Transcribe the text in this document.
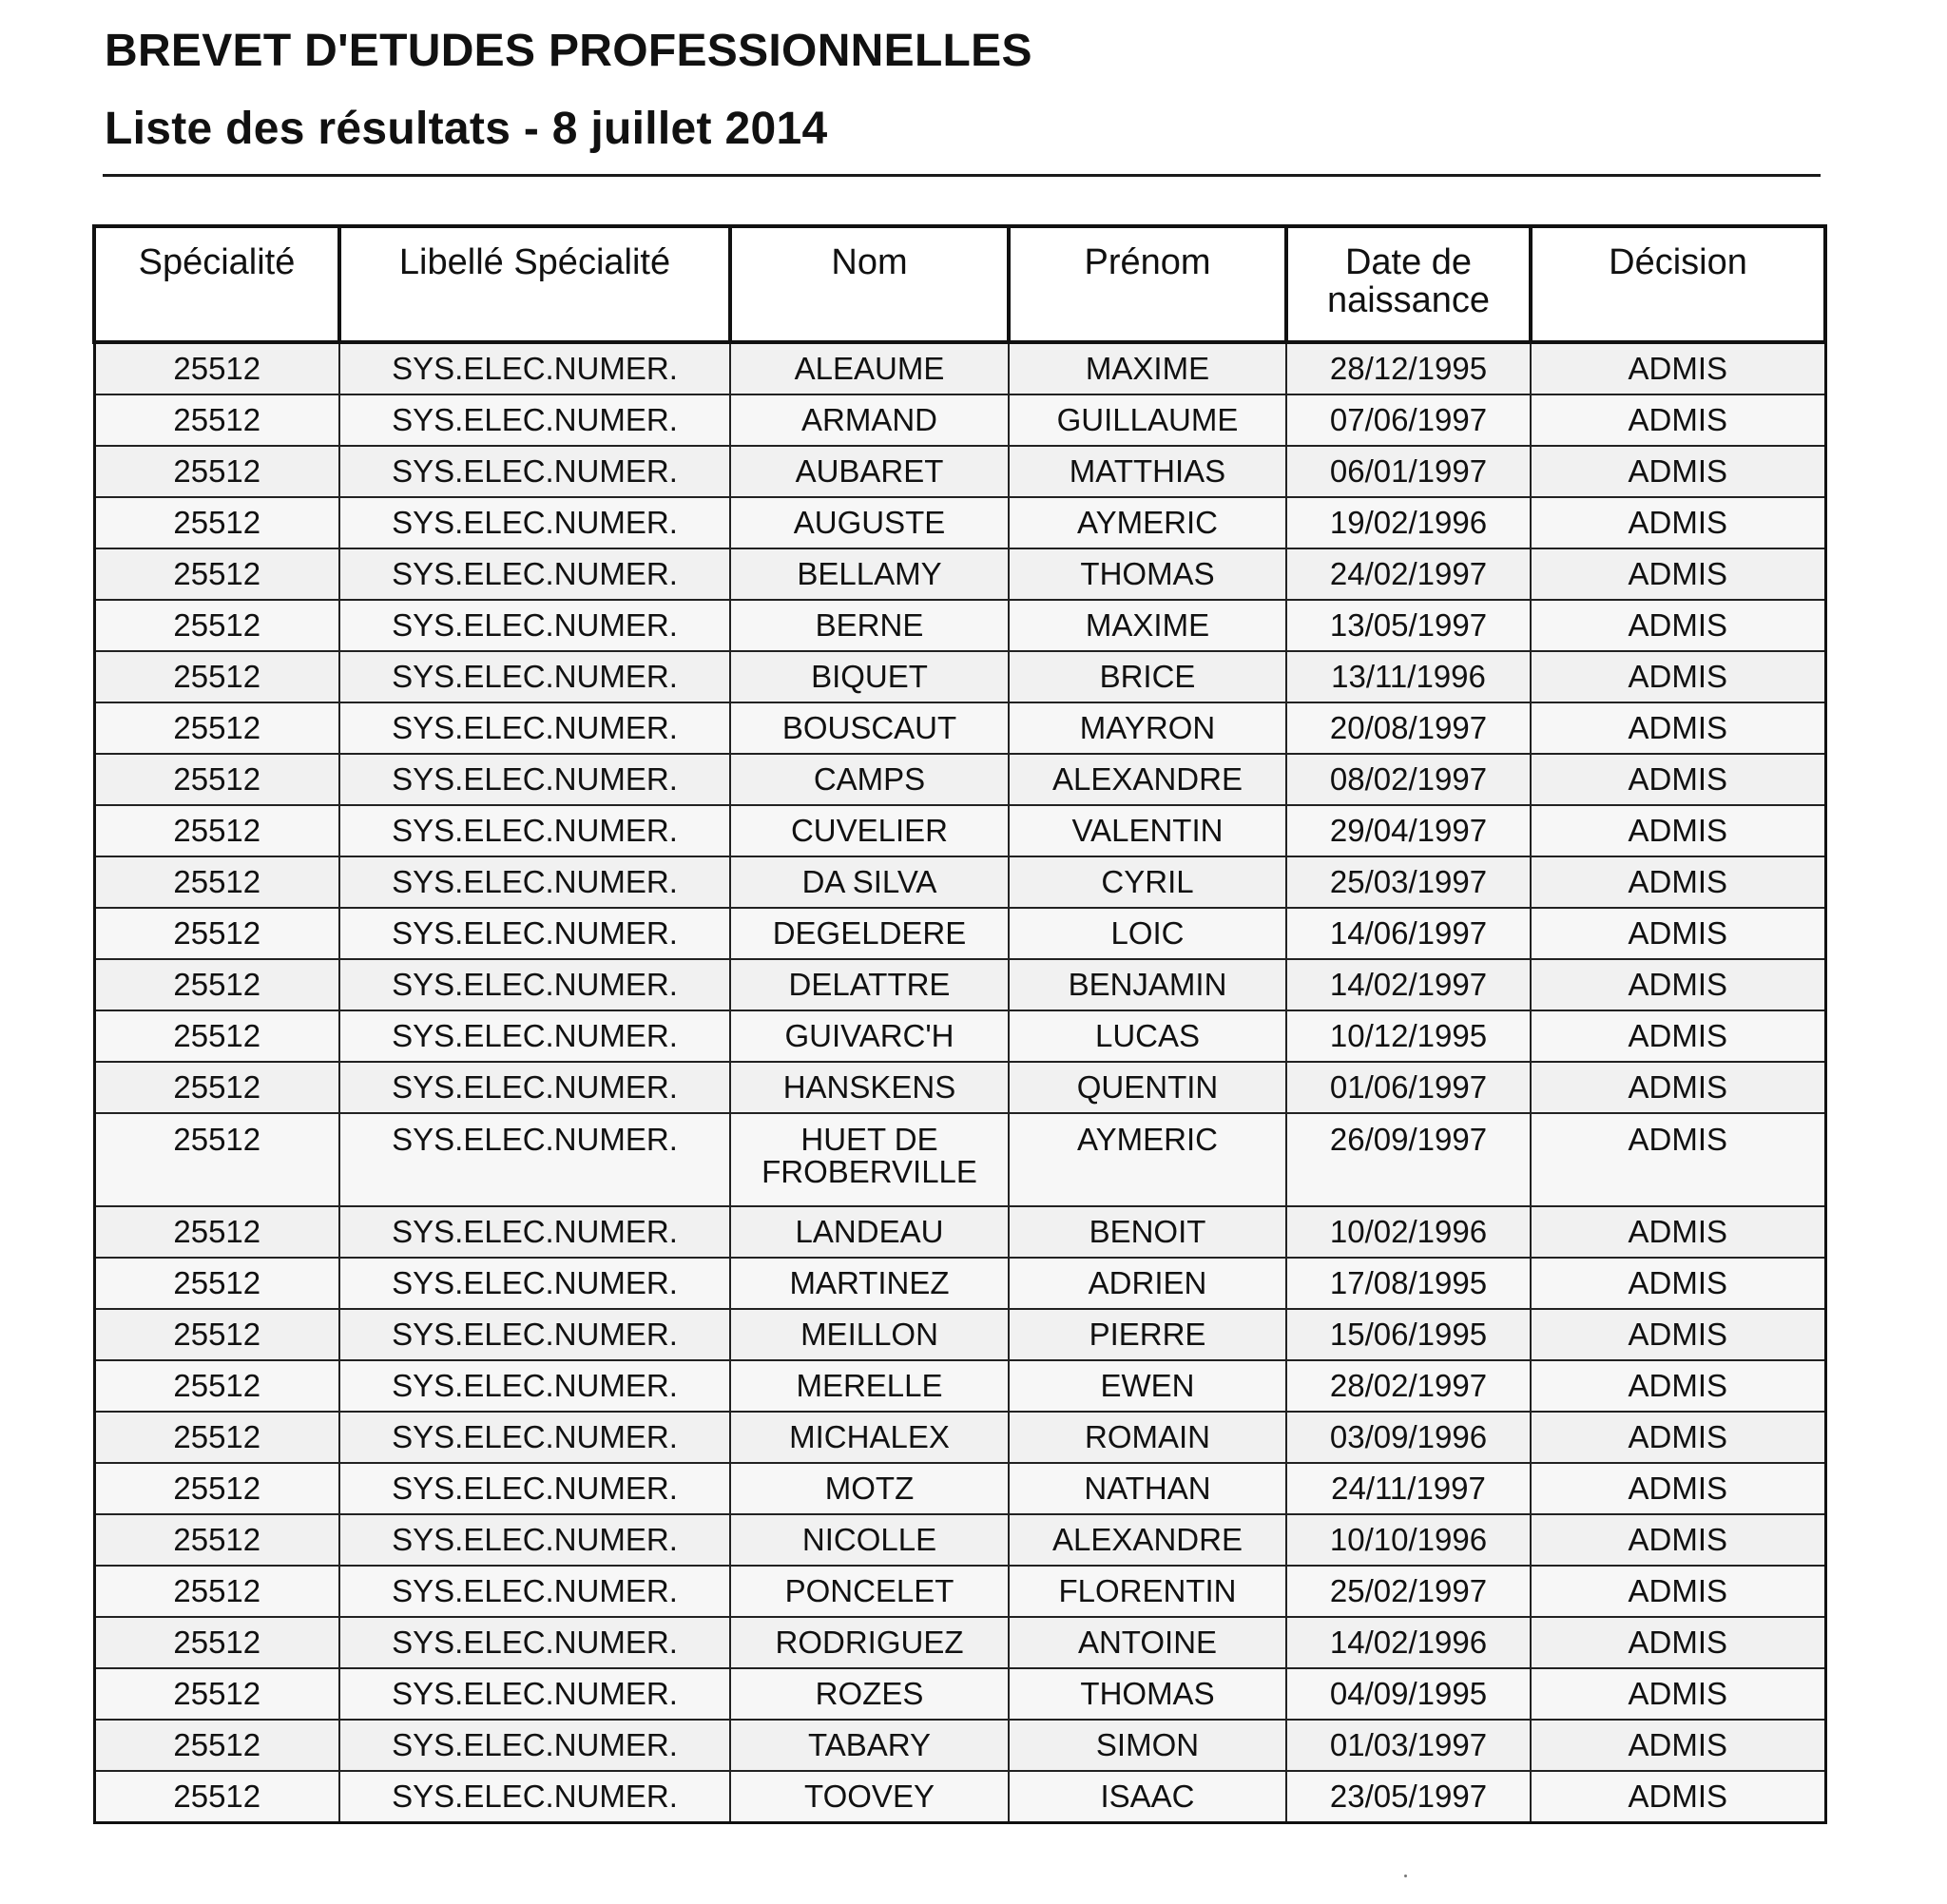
BREVET D'ETUDES PROFESSIONNELLES
Liste des résultats - 8 juillet 2014
Spécialité	Libellé Spécialité	Nom	Prénom	Date de naissance	Décision
25512	SYS.ELEC.NUMER.	ALEAUME	MAXIME	28/12/1995	ADMIS
25512	SYS.ELEC.NUMER.	ARMAND	GUILLAUME	07/06/1997	ADMIS
25512	SYS.ELEC.NUMER.	AUBARET	MATTHIAS	06/01/1997	ADMIS
25512	SYS.ELEC.NUMER.	AUGUSTE	AYMERIC	19/02/1996	ADMIS
25512	SYS.ELEC.NUMER.	BELLAMY	THOMAS	24/02/1997	ADMIS
25512	SYS.ELEC.NUMER.	BERNE	MAXIME	13/05/1997	ADMIS
25512	SYS.ELEC.NUMER.	BIQUET	BRICE	13/11/1996	ADMIS
25512	SYS.ELEC.NUMER.	BOUSCAUT	MAYRON	20/08/1997	ADMIS
25512	SYS.ELEC.NUMER.	CAMPS	ALEXANDRE	08/02/1997	ADMIS
25512	SYS.ELEC.NUMER.	CUVELIER	VALENTIN	29/04/1997	ADMIS
25512	SYS.ELEC.NUMER.	DA SILVA	CYRIL	25/03/1997	ADMIS
25512	SYS.ELEC.NUMER.	DEGELDERE	LOIC	14/06/1997	ADMIS
25512	SYS.ELEC.NUMER.	DELATTRE	BENJAMIN	14/02/1997	ADMIS
25512	SYS.ELEC.NUMER.	GUIVARC'H	LUCAS	10/12/1995	ADMIS
25512	SYS.ELEC.NUMER.	HANSKENS	QUENTIN	01/06/1997	ADMIS
25512	SYS.ELEC.NUMER.	HUET DE FROBERVILLE	AYMERIC	26/09/1997	ADMIS
25512	SYS.ELEC.NUMER.	LANDEAU	BENOIT	10/02/1996	ADMIS
25512	SYS.ELEC.NUMER.	MARTINEZ	ADRIEN	17/08/1995	ADMIS
25512	SYS.ELEC.NUMER.	MEILLON	PIERRE	15/06/1995	ADMIS
25512	SYS.ELEC.NUMER.	MERELLE	EWEN	28/02/1997	ADMIS
25512	SYS.ELEC.NUMER.	MICHALEX	ROMAIN	03/09/1996	ADMIS
25512	SYS.ELEC.NUMER.	MOTZ	NATHAN	24/11/1997	ADMIS
25512	SYS.ELEC.NUMER.	NICOLLE	ALEXANDRE	10/10/1996	ADMIS
25512	SYS.ELEC.NUMER.	PONCELET	FLORENTIN	25/02/1997	ADMIS
25512	SYS.ELEC.NUMER.	RODRIGUEZ	ANTOINE	14/02/1996	ADMIS
25512	SYS.ELEC.NUMER.	ROZES	THOMAS	04/09/1995	ADMIS
25512	SYS.ELEC.NUMER.	TABARY	SIMON	01/03/1997	ADMIS
25512	SYS.ELEC.NUMER.	TOOVEY	ISAAC	23/05/1997	ADMIS
